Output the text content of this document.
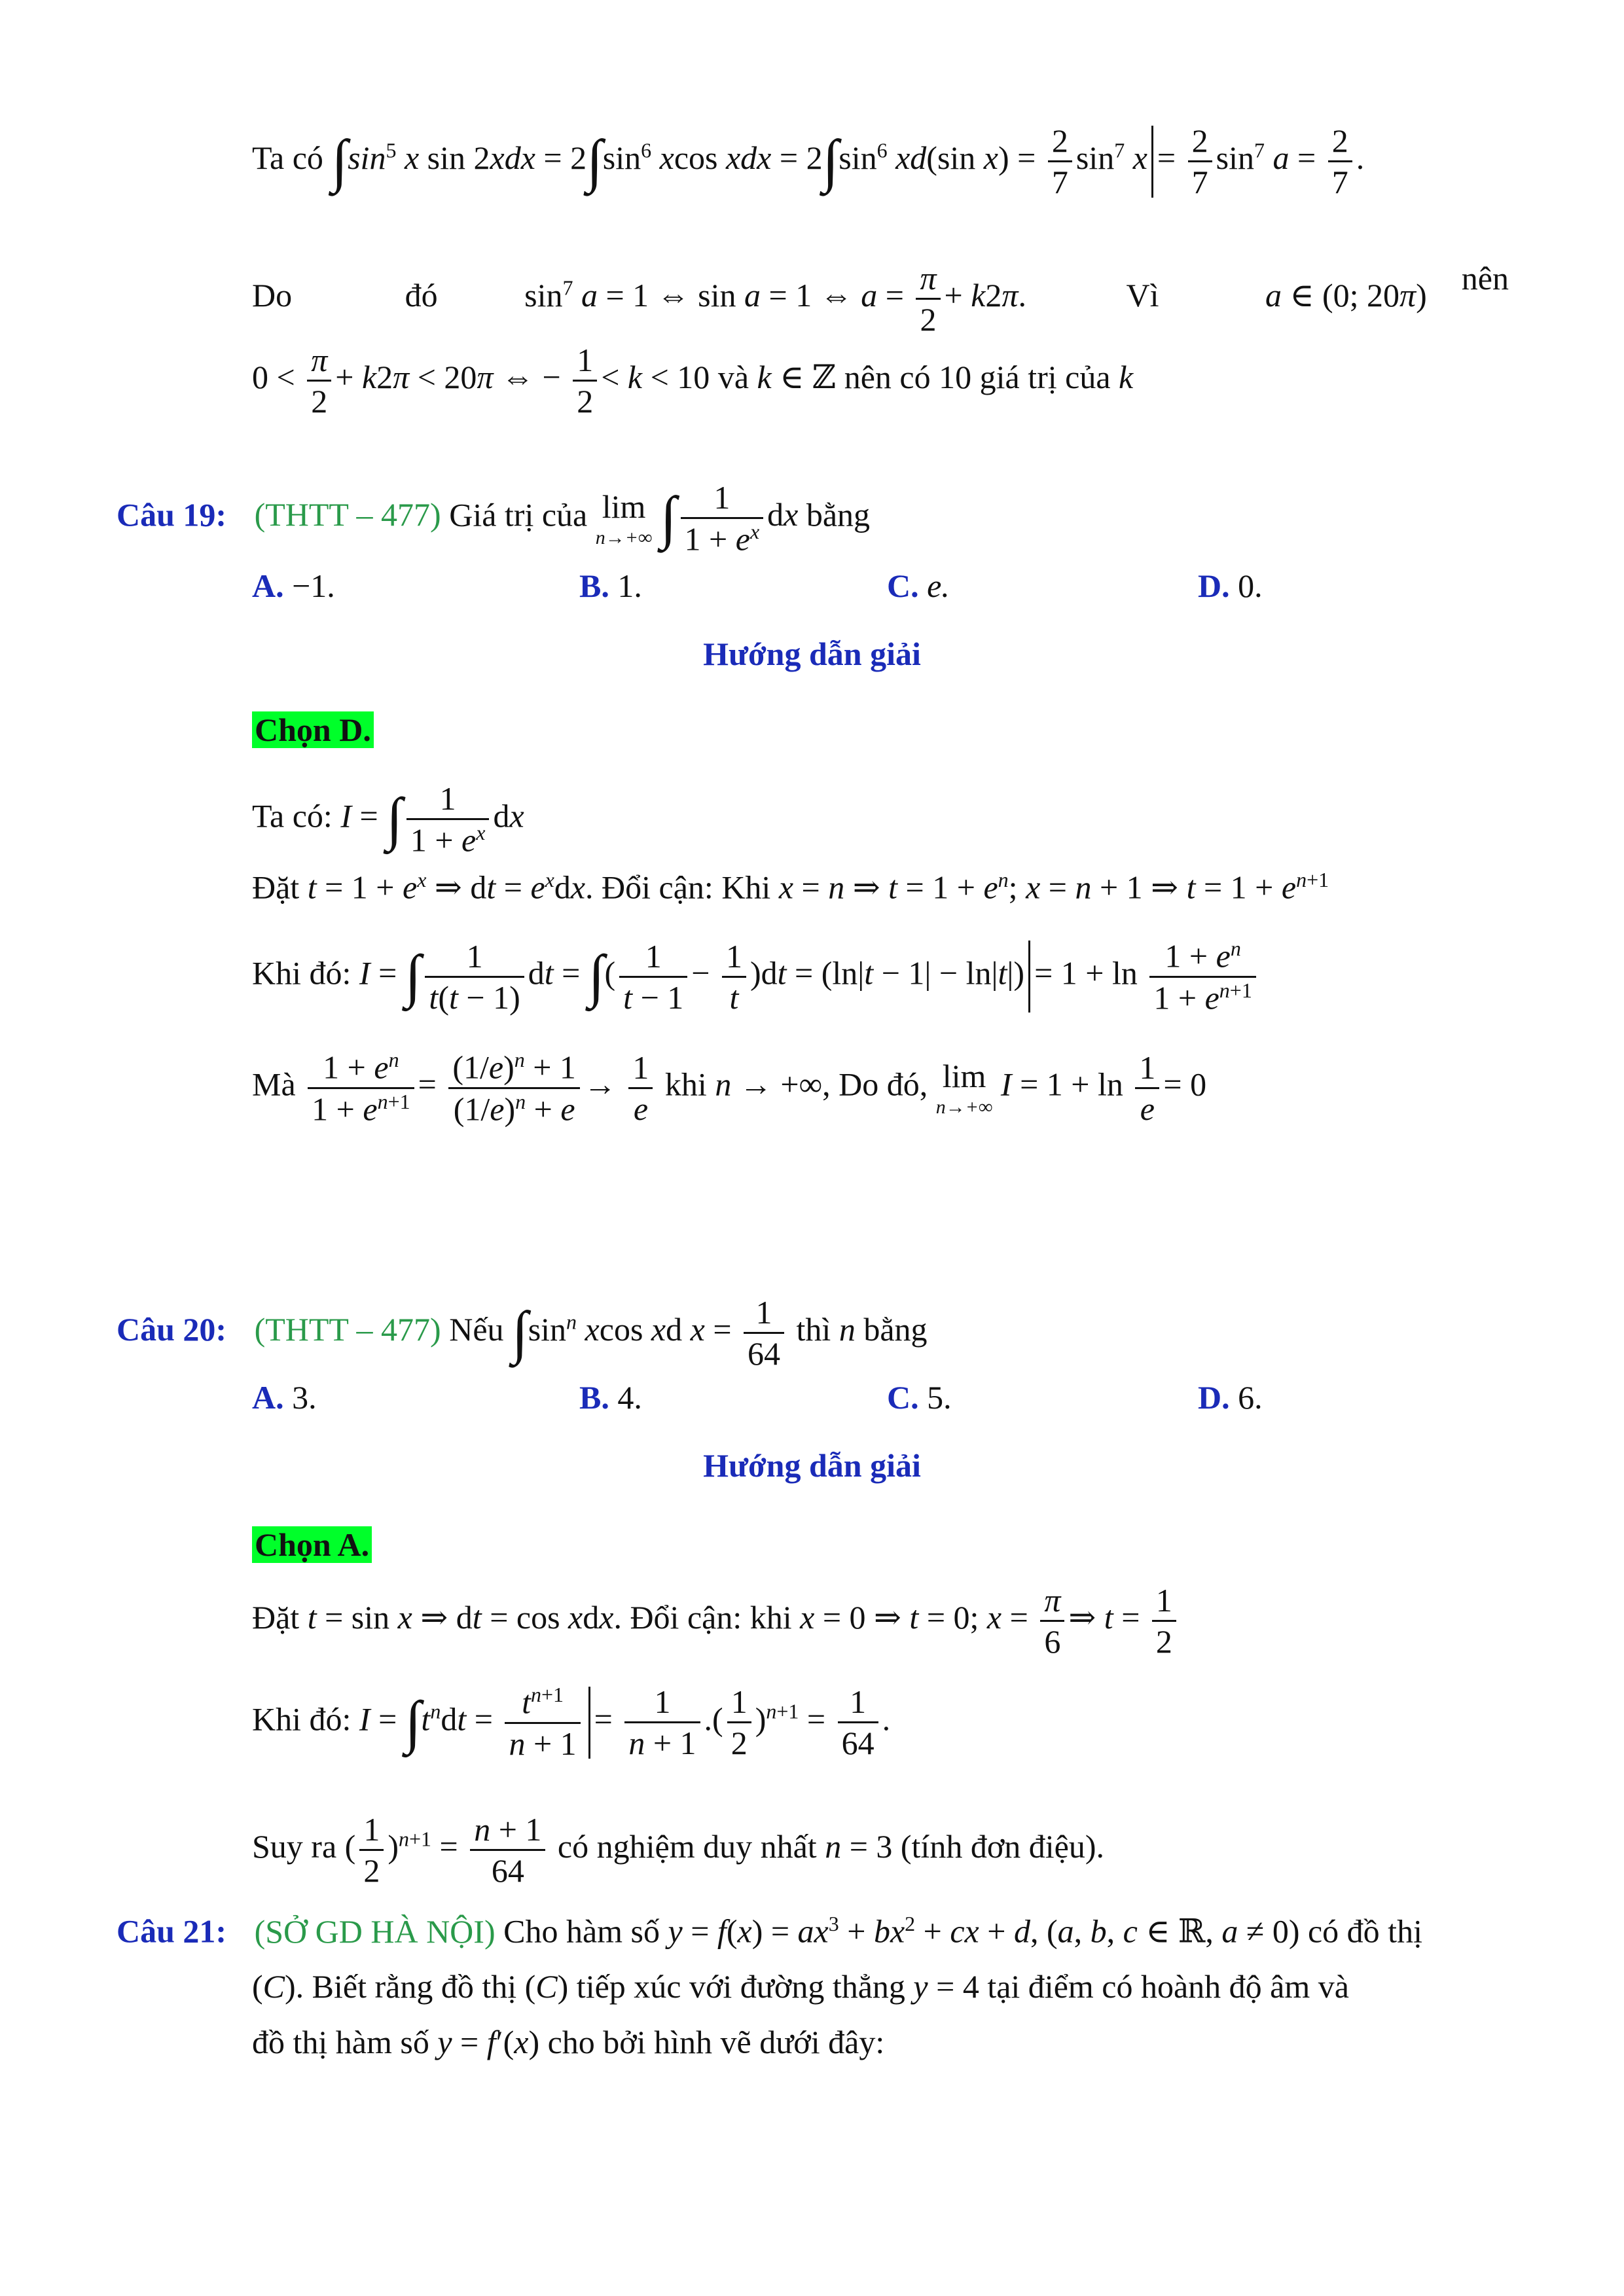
Ta có $\int\sin^5$ x $\sin 2xdx = 2\int\sin^6$ xcos xdx = $2\int\sin^6$ xd(sin $x) = \frac{2}{7} \sin^7 x = \frac{2}{7} \sin^7 a = \frac{2}{7}$ .
Do	đó	$\sin^7 a = 1$ ⇔ sin a = 1 ⇔ $a = \frac{\pi}{2} + k2\pi$.	Vì	a ∈ (0; 20π) nên
$0 < \frac{\pi}{2} + k2\pi < 20\pi$ ⇔ − $\frac{1}{2} < k < 10$ và k ∈ ℤ nên có 10 giá trị của k
Câu 19: (THTT – 477) Giá trị của lim
n→+∞ ∫ $\frac{1}{1 + e^x}$ dx bằng
A. −1.	B. 1.	C. e.	D. 0.
Hướng dẫn giải
Chọn D.
Ta có: I = ∫ $\frac{1}{1 + e^x}$ dx
Đặt $t = 1 + e^x$ ⇒ dt = $e^xdx$. Đổi cận: Khi x = n ⇒ $t = 1 + e^n$; x = n + 1 ⇒ $t = 1 + e^{n+1}$
Khi đó: I = ∫ $\frac{1}{t(t - 1)}$ dt = ∫( $\frac{1}{t - 1} - \frac{1}{t} )dt = (\ln|t - 1| - \ln|t|) = 1 + \ln \frac{1 + e^n}{1 + e^{n+1}}$
Mà $\frac{1 + e^n}{1 + e^{n+1}} = \frac{(1/e)^n + 1}{(1/e)^n + e} \to \frac{1}{e}$ khi n → +∞, Do đó, lim
n→+∞
$I = 1 + \ln \frac{1}{e} = 0$
Câu 20: (THTT – 477) Nếu $\int\sin^n$ xcos xd $x = \frac{1}{64}$ thì n bằng
A. 3.	B. 4.	C. 5.	D. 6.
Hướng dẫn giải
Chọn A.
Đặt t = sin x ⇒ dt = cos xdx. Đổi cận: khi x = 0 ⇒ t = 0; $x = \frac{\pi}{6}$ ⇒ $t = \frac{1}{2}$
Khi đó: $I = \int t^ndt = \frac{t^{n+1}}{n + 1} = \frac{1}{n + 1}$ .( $\frac{1}{2} )^{n+1} = \frac{1}{64}$ .
Suy ra ( $\frac{1}{2} )^{n+1} = \frac{n + 1}{64}$ có nghiệm duy nhất n = 3 (tính đơn điệu).
Câu 21: (SỞ GD HÀ NỘI) Cho hàm số $y = f(x) = ax^3 + bx^2$ + cx + d, (a, b, c ∈ ℝ, a ≠ 0) có đồ thị
(C). Biết rằng đồ thị (C) tiếp xúc với đường thẳng y = 4 tại điểm có hoành độ âm và
đồ thị hàm số y = f′(x) cho bởi hình vẽ dưới đây:
